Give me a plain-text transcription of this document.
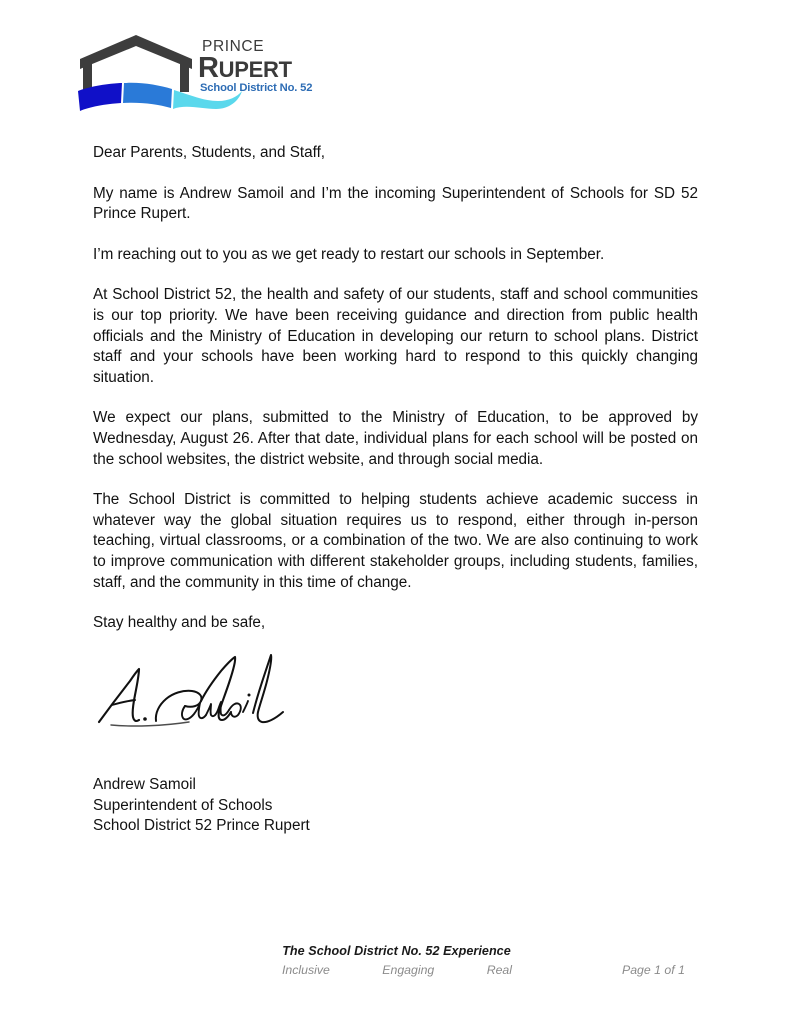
PRINCE
RUPERT
School District No. 52

Dear Parents, Students, and Staff,

My name is Andrew Samoil and I’m the incoming Superintendent of Schools for SD 52 Prince Rupert.

I’m reaching out to you as we get ready to restart our schools in September.

At School District 52, the health and safety of our students, staff and school communities is our top priority. We have been receiving guidance and direction from public health officials and the Ministry of Education in developing our return to school plans. District staff and your schools have been working hard to respond to this quickly changing situation.

We expect our plans, submitted to the Ministry of Education, to be approved by Wednesday, August 26. After that date, individual plans for each school will be posted on the school websites, the district website, and through social media.

The School District is committed to helping students achieve academic success in whatever way the global situation requires us to respond, either through in-person teaching, virtual classrooms, or a combination of the two. We are also continuing to work to improve communication with different stakeholder groups, including students, families, staff, and the community in this time of change.

Stay healthy and be safe,

Andrew Samoil
Superintendent of Schools
School District 52 Prince Rupert
The School District No. 52 Experience
Inclusive	Engaging	Real	Page 1 of 1
